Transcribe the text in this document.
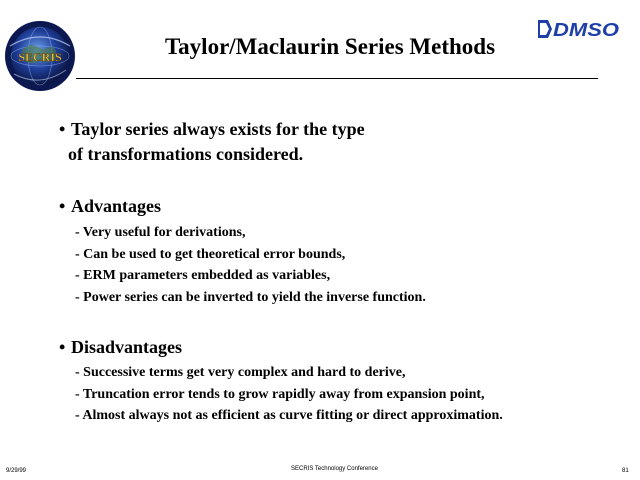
SECRIS
DMSO
Taylor/Maclaurin Series Methods
• Taylor series always exists for the type
of transformations considered.
• Advantages
- Very useful for derivations,
- Can be used to get theoretical error bounds,
- ERM parameters embedded as variables,
- Power series can be inverted to yield the inverse function.
• Disadvantages
- Successive terms get very complex and hard to derive,
- Truncation error tends to grow rapidly away from expansion point,
- Almost always not as efficient as curve fitting or direct approximation.
9/29/99	SECRIS Technology Conference	81
